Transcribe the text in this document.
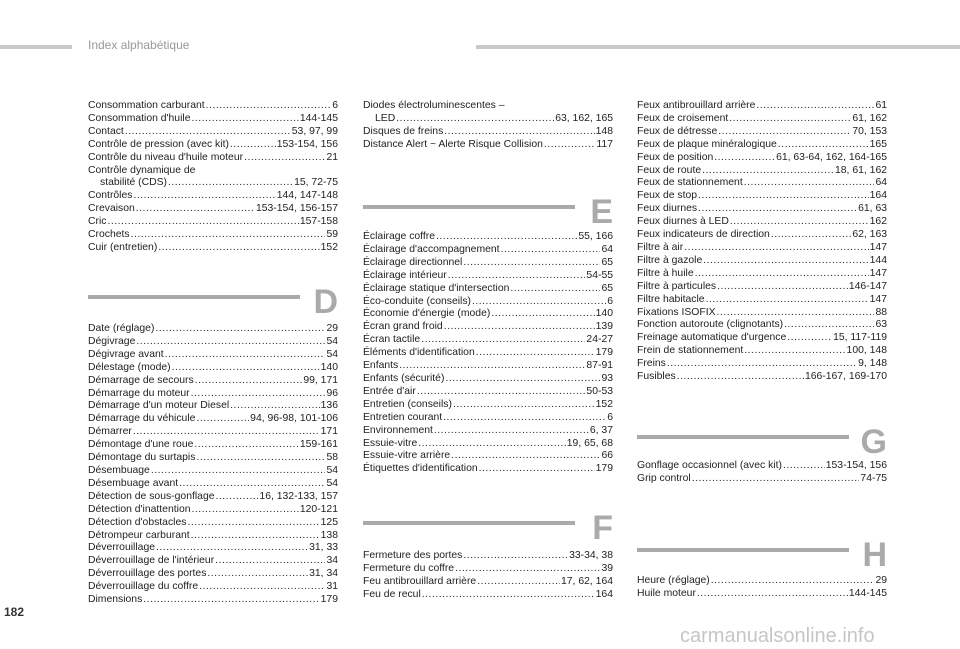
Index alphabétique
Consommation carburant .....	6
Consommation d'huile .....	144-145
Contact .....	53, 97, 99
Contrôle de pression (avec kit) .....	153-154, 156
Contrôle du niveau d'huile moteur .....	21
Contrôle dynamique de
stabilité (CDS) .....	15, 72-75
Contrôles .....	144, 147-148
Crevaison .....	153-154, 156-157
Cric .....	157-158
Crochets .....	59
Cuir (entretien) .....	152
D
Date (réglage) .....	29
Dégivrage .....	54
Dégivrage avant .....	54
Délestage (mode) .....	140
Démarrage de secours .....	99, 171
Démarrage du moteur .....	96
Démarrage d'un moteur Diesel .....	136
Démarrage du véhicule .....	94, 96-98, 101-106
Démarrer .....	171
Démontage d'une roue .....	159-161
Démontage du surtapis .....	58
Désembuage .....	54
Désembuage avant .....	54
Détection de sous-gonflage .....	16, 132-133, 157
Détection d'inattention .....	120-121
Détection d'obstacles .....	125
Détrompeur carburant .....	138
Déverrouillage .....	31, 33
Déverrouillage de l'intérieur .....	34
Déverrouillage des portes .....	31, 34
Déverrouillage du coffre .....	31
Dimensions .....	179
Diodes électroluminescentes –
LED .....	63, 162, 165
Disques de freins .....	148
Distance Alert ~ Alerte Risque Collision .....	117
E
Éclairage coffre .....	55, 166
Éclairage d'accompagnement .....	64
Éclairage directionnel .....	65
Éclairage intérieur .....	54-55
Éclairage statique d'intersection .....	65
Éco-conduite (conseils) .....	6
Économie d'énergie (mode) .....	140
Écran grand froid .....	139
Écran tactile .....	24-27
Éléments d'identification .....	179
Enfants .....	87-91
Enfants (sécurité) .....	93
Entrée d'air .....	50-53
Entretien (conseils) .....	152
Entretien courant .....	6
Environnement .....	6, 37
Essuie-vitre .....	19, 65, 68
Essuie-vitre arrière .....	66
Étiquettes d'identification .....	179
F
Fermeture des portes .....	33-34, 38
Fermeture du coffre .....	39
Feu antibrouillard arrière .....	17, 62, 164
Feu de recul .....	164
Feux antibrouillard arrière .....	61
Feux de croisement .....	61, 162
Feux de détresse .....	70, 153
Feux de plaque minéralogique .....	165
Feux de position .....	61, 63-64, 162, 164-165
Feux de route .....	18, 61, 162
Feux de stationnement .....	64
Feux de stop .....	164
Feux diurnes .....	61, 63
Feux diurnes à LED .....	162
Feux indicateurs de direction .....	62, 163
Filtre à air .....	147
Filtre à gazole .....	144
Filtre à huile .....	147
Filtre à particules .....	146-147
Filtre habitacle .....	147
Fixations ISOFIX .....	88
Fonction autoroute (clignotants) .....	63
Freinage automatique d'urgence .....	15, 117-119
Frein de stationnement .....	100, 148
Freins .....	9, 148
Fusibles .....	166-167, 169-170
G
Gonflage occasionnel (avec kit) .....	153-154, 156
Grip control .....	74-75
H
Heure (réglage) .....	29
Huile moteur .....	144-145
182
carmanualsonline.info
